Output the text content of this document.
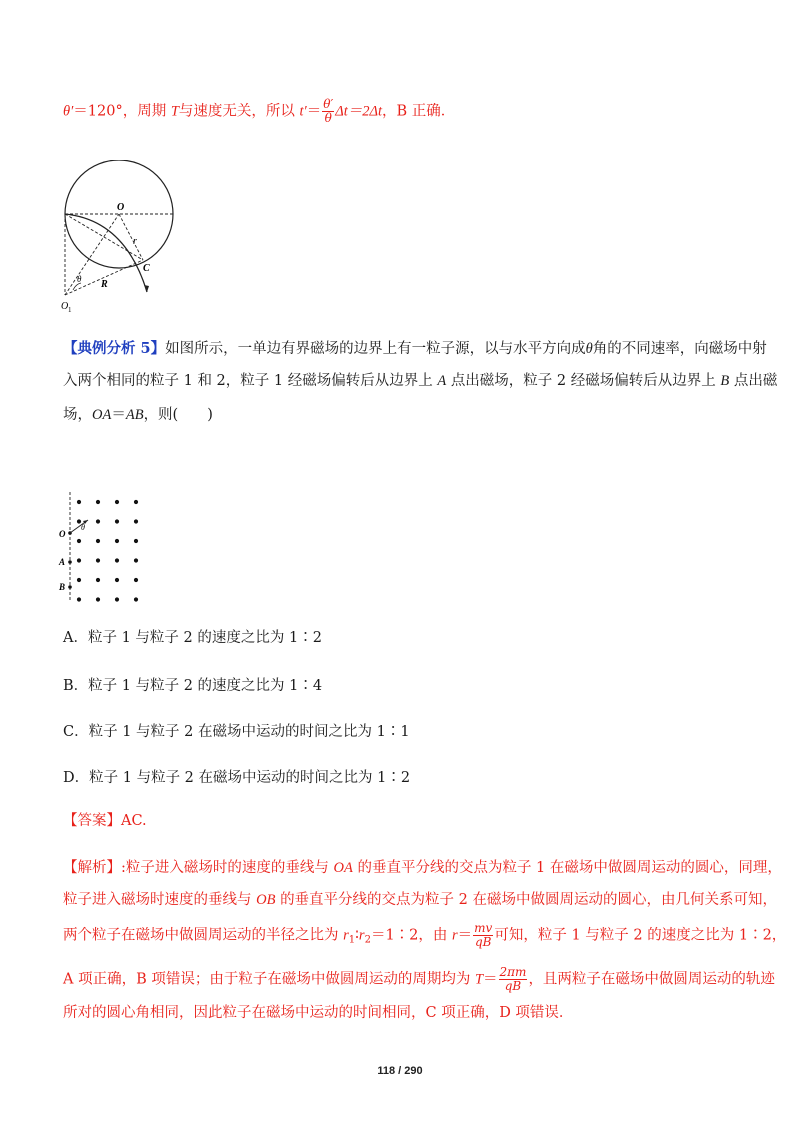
θ′＝120°，周期 T与速度无关，所以 $t'= \frac{\theta'}{\theta} \Delta t=2\Delta t$，B 正确．
O
r
C
R
θ
O 1
【典例分析 5】如图所示，一单边有界磁场的边界上有一粒子源，以与水平方向成θ角的不同速率，向磁场中射
入两个相同的粒子 1 和 2，粒子 1 经磁场偏转后从边界上 A 点出磁场，粒子 2 经磁场偏转后从边界上 B 点出磁
场，OA＝AB，则(　　)
O
θ
A
B
A．粒子 1 与粒子 2 的速度之比为 1∶2
B．粒子 1 与粒子 2 的速度之比为 1∶4
C．粒子 1 与粒子 2 在磁场中运动的时间之比为 1∶1
D．粒子 1 与粒子 2 在磁场中运动的时间之比为 1∶2
【答案】AC.
【解析】:粒子进入磁场时的速度的垂线与 OA 的垂直平分线的交点为粒子 1 在磁场中做圆周运动的圆心，同理，
粒子进入磁场时速度的垂线与 OB 的垂直平分线的交点为粒子 2 在磁场中做圆周运动的圆心，由几何关系可知，
两个粒子在磁场中做圆周运动的半径之比为 $r_1∶r_2=1∶2$，由 $r= \frac{mv}{qB}$ 可知，粒子 1 与粒子 2 的速度之比为 1∶2，
A 项正确，B 项错误；由于粒子在磁场中做圆周运动的周期均为 $T= \frac{2\pi m}{qB}$ ，且两粒子在磁场中做圆周运动的轨迹
所对的圆心角相同，因此粒子在磁场中运动的时间相同，C 项正确，D 项错误．
118 / 290
